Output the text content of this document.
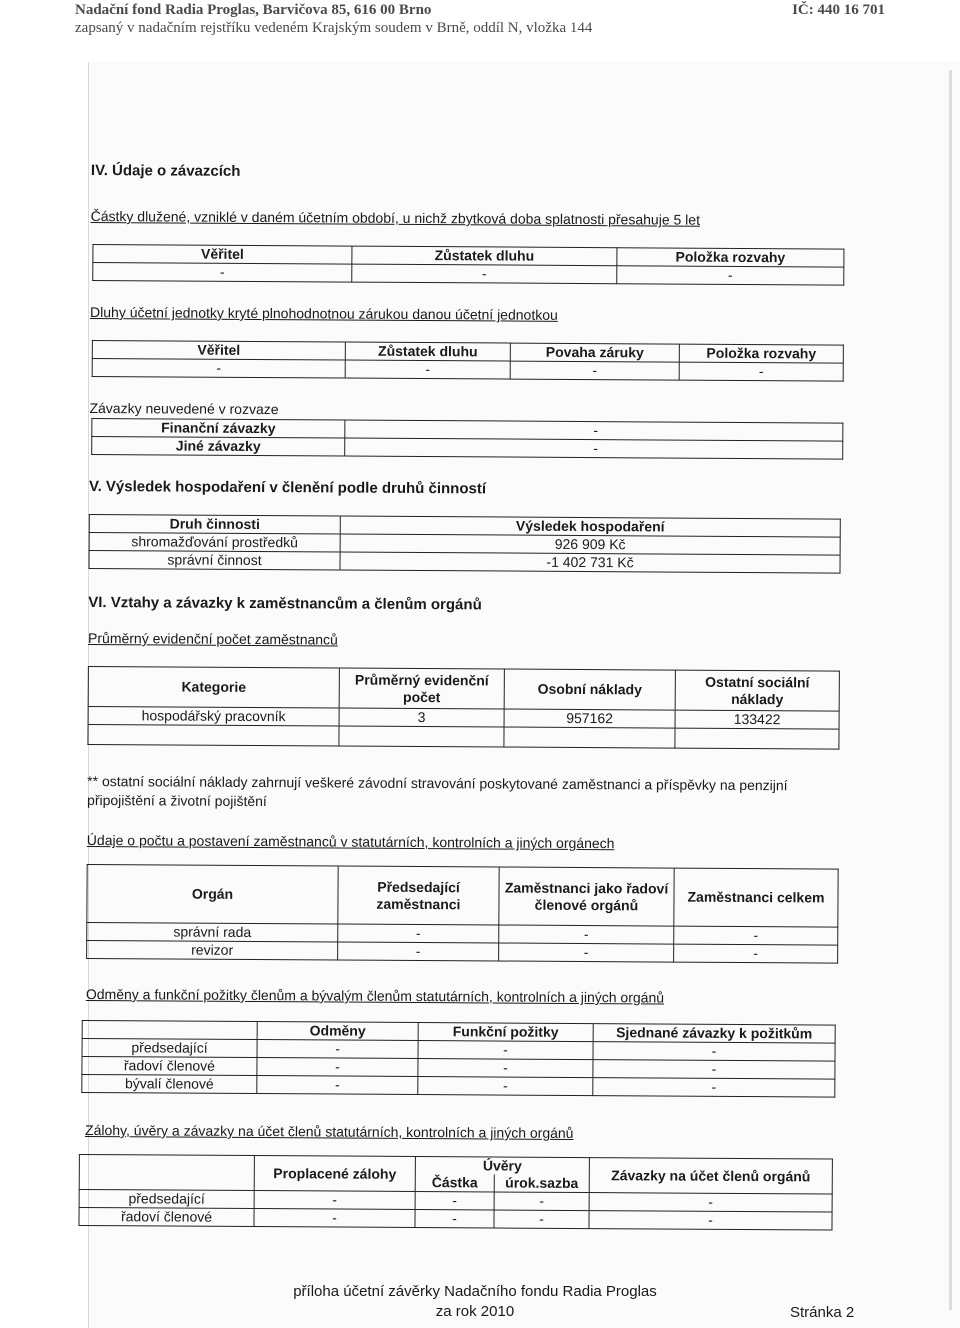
Nadační fond Radia Proglas, Barvičova 85, 616 00 Brno
zapsaný v nadačním rejstříku vedeném Krajským soudem v Brně, oddíl N, vložka 144
IČ: 440 16 701
IV. Údaje o závazcích
Částky dlužené, vzniklé v daném účetním období, u nichž zbytková doba splatnosti přesahuje 5 let
Věřitel	Zůstatek dluhu	Položka rozvahy
-	-	-
Dluhy účetní jednotky kryté plnohodnotnou zárukou danou účetní jednotkou
Věřitel	Zůstatek dluhu	Povaha záruky	Položka rozvahy
-	-	-	-
Závazky neuvedené v rozvaze
Finanční závazky	-
Jiné závazky	-
V. Výsledek hospodaření v členění podle druhů činností
Druh činnosti	Výsledek hospodaření
shromažďování prostředků	926 909 Kč
správní činnost	-1 402 731 Kč
VI. Vztahy a závazky k zaměstnancům a členům orgánů
Průměrný evidenční počet zaměstnanců
Kategorie	Průměrný evidenční počet	Osobní náklady	Ostatní sociální náklady
hospodářský pracovník	3	957162	133422

** ostatní sociální náklady zahrnují veškeré závodní stravování poskytované zaměstnanci a příspěvky na penzijní připojištění a životní pojištění
Údaje o počtu a postavení zaměstnanců v statutárních, kontrolních a jiných orgánech
Orgán	Předsedající zaměstnanci	Zaměstnanci jako řadoví členové orgánů	Zaměstnanci celkem
správní rada	-	-	-
revizor	-	-	-
Odměny a funkční požitky členům a bývalým členům statutárních, kontrolních a jiných orgánů
	Odměny	Funkční požitky	Sjednané závazky k požitkům
předsedající	-	-	-
řadoví členové	-	-	-
bývalí členové	-	-	-
Zálohy, úvěry a závazky na účet členů statutárních, kontrolních a jiných orgánů
	Proplacené zálohy	Úvěry		Závazky na účet členů orgánů
		Částka	úrok.sazba	
předsedající	-	-	-	-
řadoví členové	-	-	-	-
příloha účetní závěrky Nadačního fondu Radia Proglas
za rok 2010	Stránka 2
